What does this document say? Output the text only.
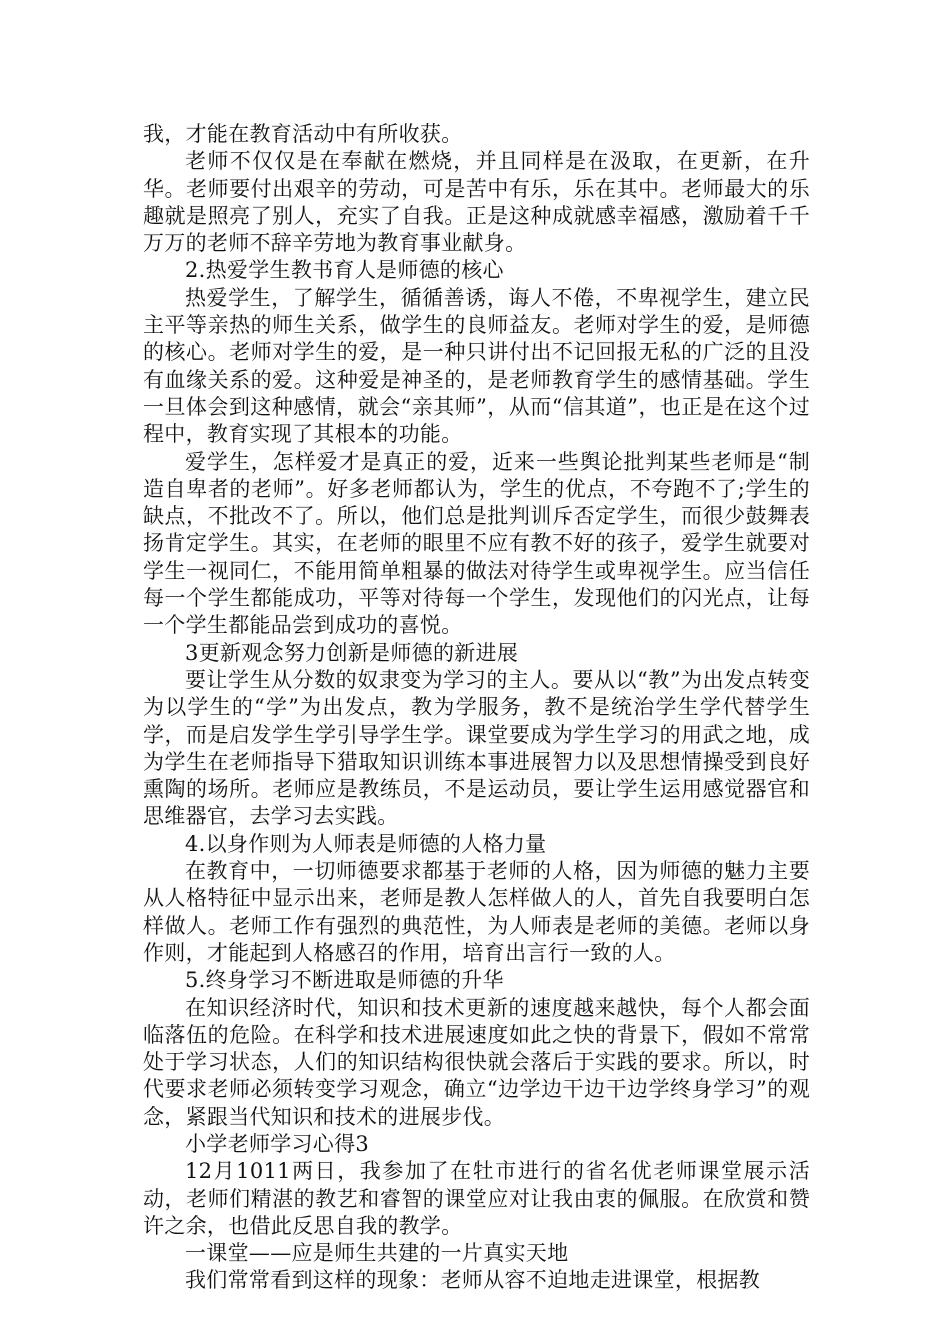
我，才能在教育活动中有所收获。

老师不仅仅是在奉献在燃烧，并且同样是在汲取，在更新，在升华。老师要付出艰辛的劳动，可是苦中有乐，乐在其中。老师最大的乐趣就是照亮了别人，充实了自我。正是这种成就感幸福感，激励着千千万万的老师不辞辛劳地为教育事业献身。

2.热爱学生教书育人是师德的核心

热爱学生，了解学生，循循善诱，诲人不倦，不卑视学生，建立民主平等亲热的师生关系，做学生的良师益友。老师对学生的爱，是师德的核心。老师对学生的爱，是一种只讲付出不记回报无私的广泛的且没有血缘关系的爱。这种爱是神圣的，是老师教育学生的感情基础。学生一旦体会到这种感情，就会“亲其师”，从而“信其道”，也正是在这个过程中，教育实现了其根本的功能。

爱学生，怎样爱才是真正的爱，近来一些舆论批判某些老师是“制造自卑者的老师”。好多老师都认为，学生的优点，不夸跑不了;学生的缺点，不批改不了。所以，他们总是批判训斥否定学生，而很少鼓舞表扬肯定学生。其实，在老师的眼里不应有教不好的孩子，爱学生就要对学生一视同仁，不能用简单粗暴的做法对待学生或卑视学生。应当信任每一个学生都能成功，平等对待每一个学生，发现他们的闪光点，让每一个学生都能品尝到成功的喜悦。

3更新观念努力创新是师德的新进展

要让学生从分数的奴隶变为学习的主人。要从以“教”为出发点转变为以学生的“学”为出发点，教为学服务，教不是统治学生学代替学生学，而是启发学生学引导学生学。课堂要成为学生学习的用武之地，成为学生在老师指导下猎取知识训练本事进展智力以及思想情操受到良好熏陶的场所。老师应是教练员，不是运动员，要让学生运用感觉器官和思维器官，去学习去实践。

4.以身作则为人师表是师德的人格力量

在教育中，一切师德要求都基于老师的人格，因为师德的魅力主要从人格特征中显示出来，老师是教人怎样做人的人，首先自我要明白怎样做人。老师工作有强烈的典范性，为人师表是老师的美德。老师以身作则，才能起到人格感召的作用，培育出言行一致的人。

5.终身学习不断进取是师德的升华

在知识经济时代，知识和技术更新的速度越来越快，每个人都会面临落伍的危险。在科学和技术进展速度如此之快的背景下，假如不常常处于学习状态，人们的知识结构很快就会落后于实践的要求。所以，时代要求老师必须转变学习观念，确立“边学边干边干边学终身学习”的观念，紧跟当代知识和技术的进展步伐。

小学老师学习心得3

12月1011两日，我参加了在牡市进行的省名优老师课堂展示活动，老师们精湛的教艺和睿智的课堂应对让我由衷的佩服。在欣赏和赞许之余，也借此反思自我的教学。

一课堂——应是师生共建的一片真实天地

我们常常看到这样的现象：老师从容不迫地走进课堂，根据教
